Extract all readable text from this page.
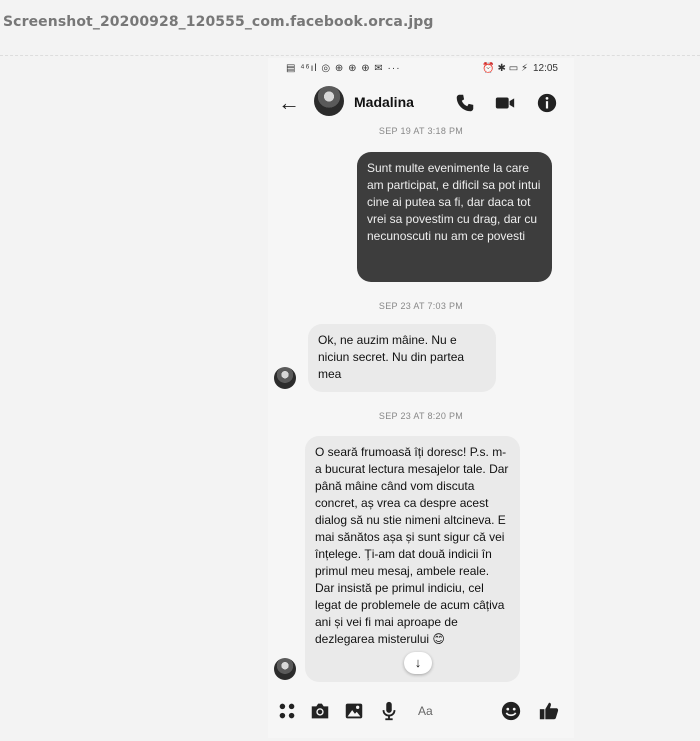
Screenshot_20200928_120555_com.facebook.orca.jpg
▤ ⁴⁶ıl ◎ ⊕ ⊕ ⊕ ✉ ···	⏰ ✱ ▭ ⚡ 12:05
←	Madalina
SEP 19 AT 3:18 PM
Sunt multe evenimente la care am participat, e dificil sa pot intui cine ai putea sa fi, dar daca tot vrei sa povestim cu drag, dar cu necunoscuti nu am ce povesti
SEP 23 AT 7:03 PM
Ok, ne auzim mâine. Nu e niciun secret. Nu din partea mea
SEP 23 AT 8:20 PM
O seară frumoasă îți doresc! P.s. m-a bucurat lectura mesajelor tale. Dar până mâine când vom discuta concret, aș vrea ca despre acest dialog să nu stie nimeni altcineva. E mai sănătos așa și sunt sigur că vei înțelege. Ți-am dat două indicii în primul meu mesaj, ambele reale. Dar insistă pe primul indiciu, cel legat de problemele de acum câțiva ani și vei fi mai aproape de dezlegarea misterului 😊
↓
Aa
